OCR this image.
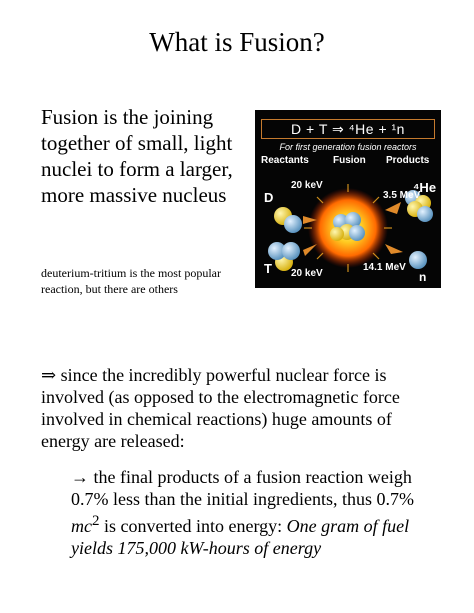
What is Fusion?
Fusion is the joining together of small, light nuclei to form a larger, more massive nucleus
deuterium-tritium is the most popular reaction, but there are others
D + T ⇒ ⁴He + ¹n
For first generation fusion reactors
Reactants Fusion Products
D
20 keV
3.5 MeV
⁴He
T 20 keV
14.1 MeV
n
⇒ since the incredibly powerful nuclear force is involved (as opposed to the electromagnetic force involved in chemical reactions) huge amounts of energy are released:
→ the final products of a fusion reaction weigh 0.7% less than the initial ingredients, thus 0.7% $mc^2$ is converted into energy: One gram of fuel yields 175,000 kW-hours of energy
